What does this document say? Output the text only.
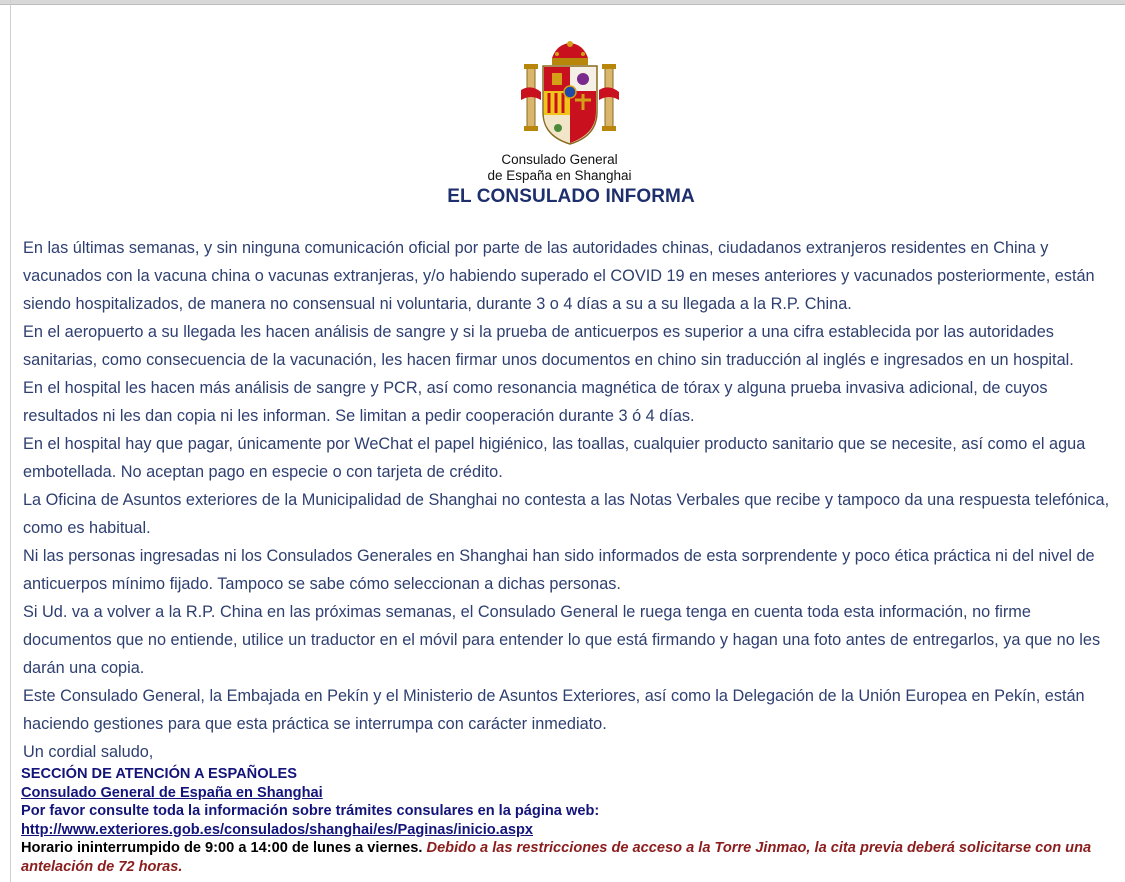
Consulado General
de España en Shanghai
EL CONSULADO INFORMA

En las últimas semanas, y sin ninguna comunicación oficial por parte de las autoridades chinas, ciudadanos extranjeros residentes en China y vacunados con la vacuna china o vacunas extranjeras, y/o habiendo superado el COVID 19 en meses anteriores y vacunados posteriormente, están siendo hospitalizados, de manera no consensual ni voluntaria, durante 3 o 4 días a su a su llegada a la R.P. China.

En el aeropuerto a su llegada les hacen análisis de sangre y si la prueba de anticuerpos es superior a una cifra establecida por las autoridades sanitarias, como consecuencia de la vacunación, les hacen firmar unos documentos en chino sin traducción al inglés e ingresados en un hospital.

En el hospital les hacen más análisis de sangre y PCR, así como resonancia magnética de tórax y alguna prueba invasiva adicional, de cuyos resultados ni les dan copia ni les informan. Se limitan a pedir cooperación durante 3 ó 4 días.

En el hospital hay que pagar, únicamente por WeChat el papel higiénico, las toallas, cualquier producto sanitario que se necesite, así como el agua embotellada. No aceptan pago en especie o con tarjeta de crédito.

La Oficina de Asuntos exteriores de la Municipalidad de Shanghai no contesta a las Notas Verbales que recibe y tampoco da una respuesta telefónica, como es habitual.

Ni las personas ingresadas ni los Consulados Generales en Shanghai han sido informados de esta sorprendente y poco ética práctica ni del nivel de anticuerpos mínimo fijado. Tampoco se sabe cómo seleccionan a dichas personas.

Si Ud. va a volver a la R.P. China en las próximas semanas, el Consulado General le ruega tenga en cuenta toda esta información, no firme documentos que no entiende, utilice un traductor en el móvil para entender lo que está firmando y hagan una foto antes de entregarlos, ya que no les darán una copia.

Este Consulado General, la Embajada en Pekín y el Ministerio de Asuntos Exteriores, así como la Delegación de la Unión Europea en Pekín, están haciendo gestiones para que esta práctica se interrumpa con carácter inmediato.

Un cordial saludo,

SECCIÓN DE ATENCIÓN A ESPAÑOLES
Consulado General de España en Shanghai
Por favor consulte toda la información sobre trámites consulares en la página web:
http://www.exteriores.gob.es/consulados/shanghai/es/Paginas/inicio.aspx
Horario ininterrumpido de 9:00 a 14:00 de lunes a viernes. Debido a las restricciones de acceso a la Torre Jinmao, la cita previa deberá solicitarse con una antelación de 72 horas.
